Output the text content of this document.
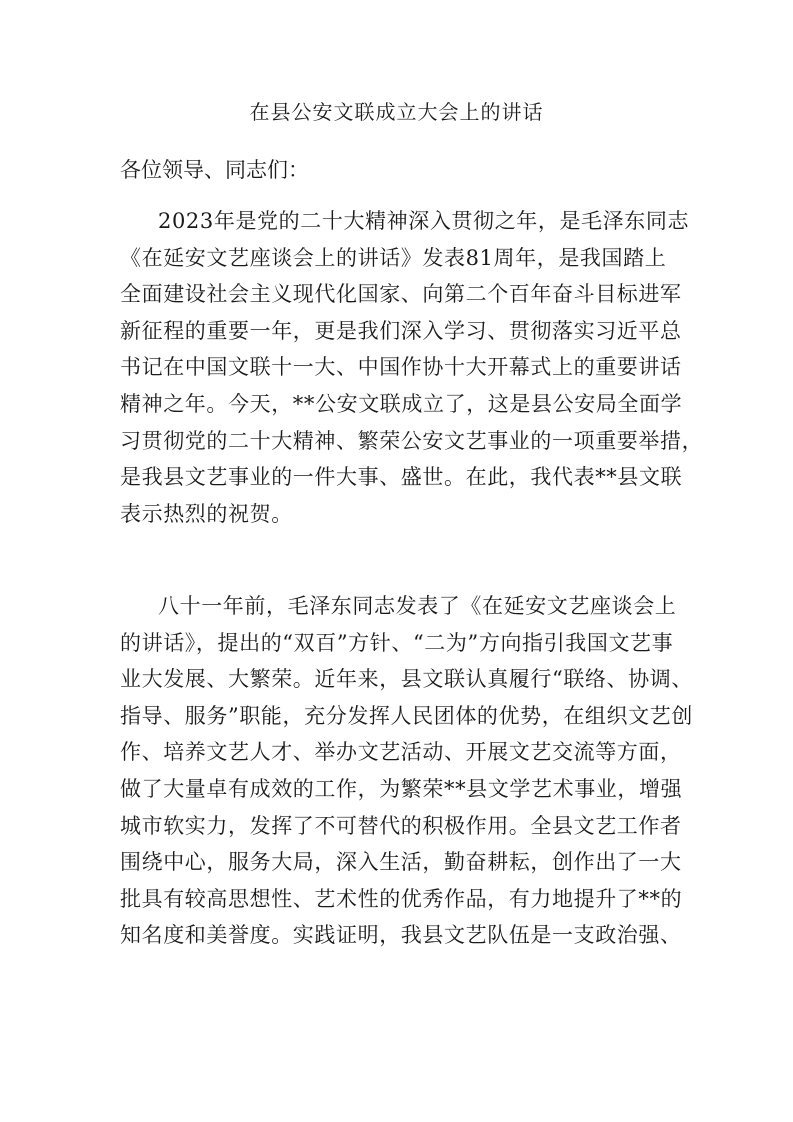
在县公安文联成立大会上的讲话

各位领导、同志们：

2023年是党的二十大精神深入贯彻之年，是毛泽东同志
《在延安文艺座谈会上的讲话》发表81周年，是我国踏上
全面建设社会主义现代化国家、向第二个百年奋斗目标进军
新征程的重要一年，更是我们深入学习、贯彻落实习近平总
书记在中国文联十一大、中国作协十大开幕式上的重要讲话
精神之年。今天，**公安文联成立了，这是县公安局全面学
习贯彻党的二十大精神、繁荣公安文艺事业的一项重要举措，
是我县文艺事业的一件大事、盛世。在此，我代表**县文联
表示热烈的祝贺。

八十一年前，毛泽东同志发表了《在延安文艺座谈会上
的讲话》，提出的“双百”方针、“二为”方向指引我国文艺事
业大发展、大繁荣。近年来，县文联认真履行“联络、协调、
指导、服务”职能，充分发挥人民团体的优势，在组织文艺创
作、培养文艺人才、举办文艺活动、开展文艺交流等方面，
做了大量卓有成效的工作，为繁荣**县文学艺术事业，增强
城市软实力，发挥了不可替代的积极作用。全县文艺工作者
围绕中心，服务大局，深入生活，勤奋耕耘，创作出了一大
批具有较高思想性、艺术性的优秀作品，有力地提升了**的
知名度和美誉度。实践证明，我县文艺队伍是一支政治强、
